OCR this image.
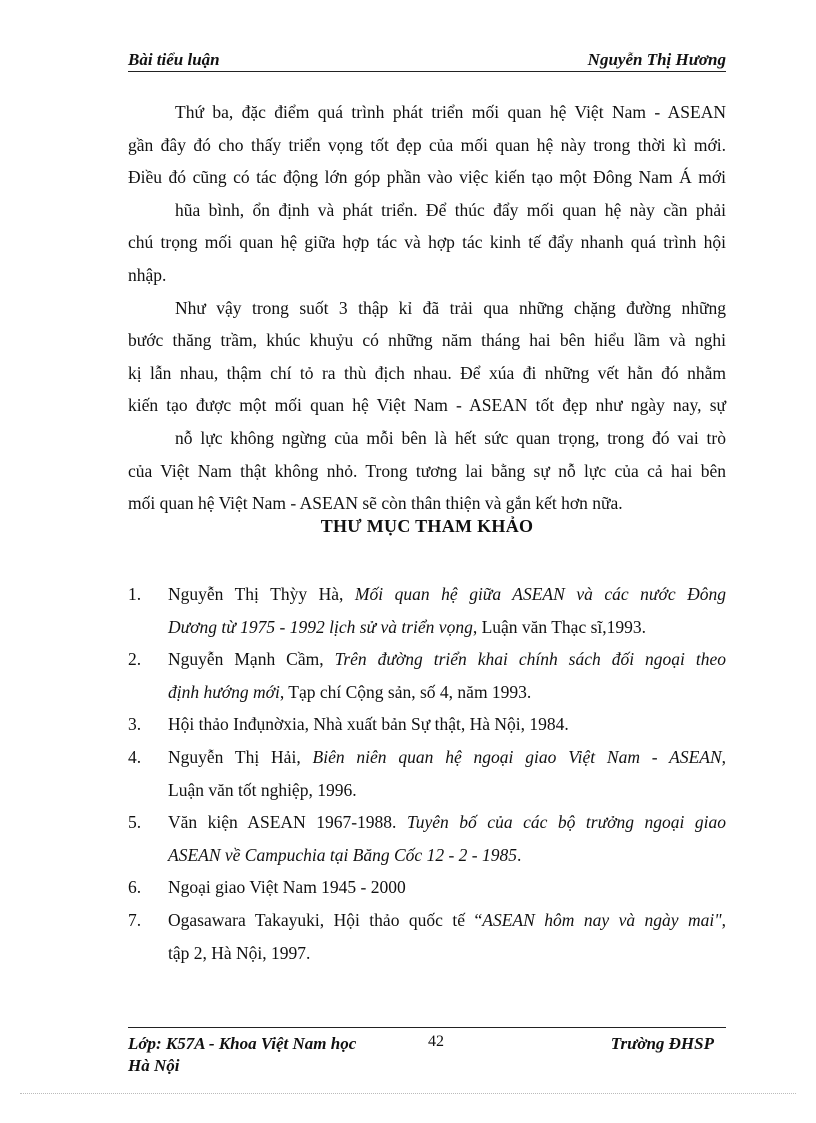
Bài tiểu luận	Nguyễn Thị Hương

Thứ ba, đặc điểm quá trình phát triển mối quan hệ Việt Nam - ASEAN
gần đây đó cho thấy triển vọng tốt đẹp của mối quan hệ này trong thời kì mới.
Điều đó cũng có tác động lớn góp phần vào việc kiến tạo một Đông Nam Á mới
hũa bình, ổn định và phát triển. Để thúc đẩy mối quan hệ này cần phải
chú trọng mối quan hệ giữa hợp tác và hợp tác kinh tế đẩy nhanh quá trình hội
nhập.

Như vậy trong suốt 3 thập kỉ đã trải qua những chặng đường những
bước thăng trầm, khúc khuỷu có những năm tháng hai bên hiểu lầm và nghi
kị lẫn nhau, thậm chí tỏ ra thù địch nhau. Để xúa đi những vết hằn đó nhằm
kiến tạo được một mối quan hệ Việt Nam - ASEAN tốt đẹp như ngày nay, sự
nỗ lực không ngừng của mỗi bên là hết sức quan trọng, trong đó vai trò
của Việt Nam thật không nhỏ. Trong tương lai bằng sự nỗ lực của cả hai bên
mối quan hệ Việt Nam - ASEAN sẽ còn thân thiện và gắn kết hơn nữa.

THƯ MỤC THAM KHẢO
1. Nguyễn Thị Thỳy Hà, Mối quan hệ giữa ASEAN và các nước Đông
Dương từ 1975 - 1992 lịch sử và triển vọng, Luận văn Thạc sĩ,1993.
2. Nguyễn Mạnh Cầm, Trên đường triển khai chính sách đối ngoại theo
định hướng mới, Tạp chí Cộng sản, số 4, năm 1993.
3. Hội thảo Inđụnờxia, Nhà xuất bản Sự thật, Hà Nội, 1984.
4. Nguyễn Thị Hải, Biên niên quan hệ ngoại giao Việt Nam - ASEAN,
Luận văn tốt nghiệp, 1996.
5. Văn kiện ASEAN 1967-1988. Tuyên bố của các bộ trưởng ngoại giao
ASEAN về Campuchia tại Băng Cốc 12 - 2 - 1985.
6. Ngoại giao Việt Nam 1945 - 2000
7. Ogasawara Takayuki, Hội thảo quốc tế “ASEAN hôm nay và ngày mai",
tập 2, Hà Nội, 1997.
Lớp: K57A - Khoa Việt Nam học
Hà Nội
42	Trường ĐHSP
